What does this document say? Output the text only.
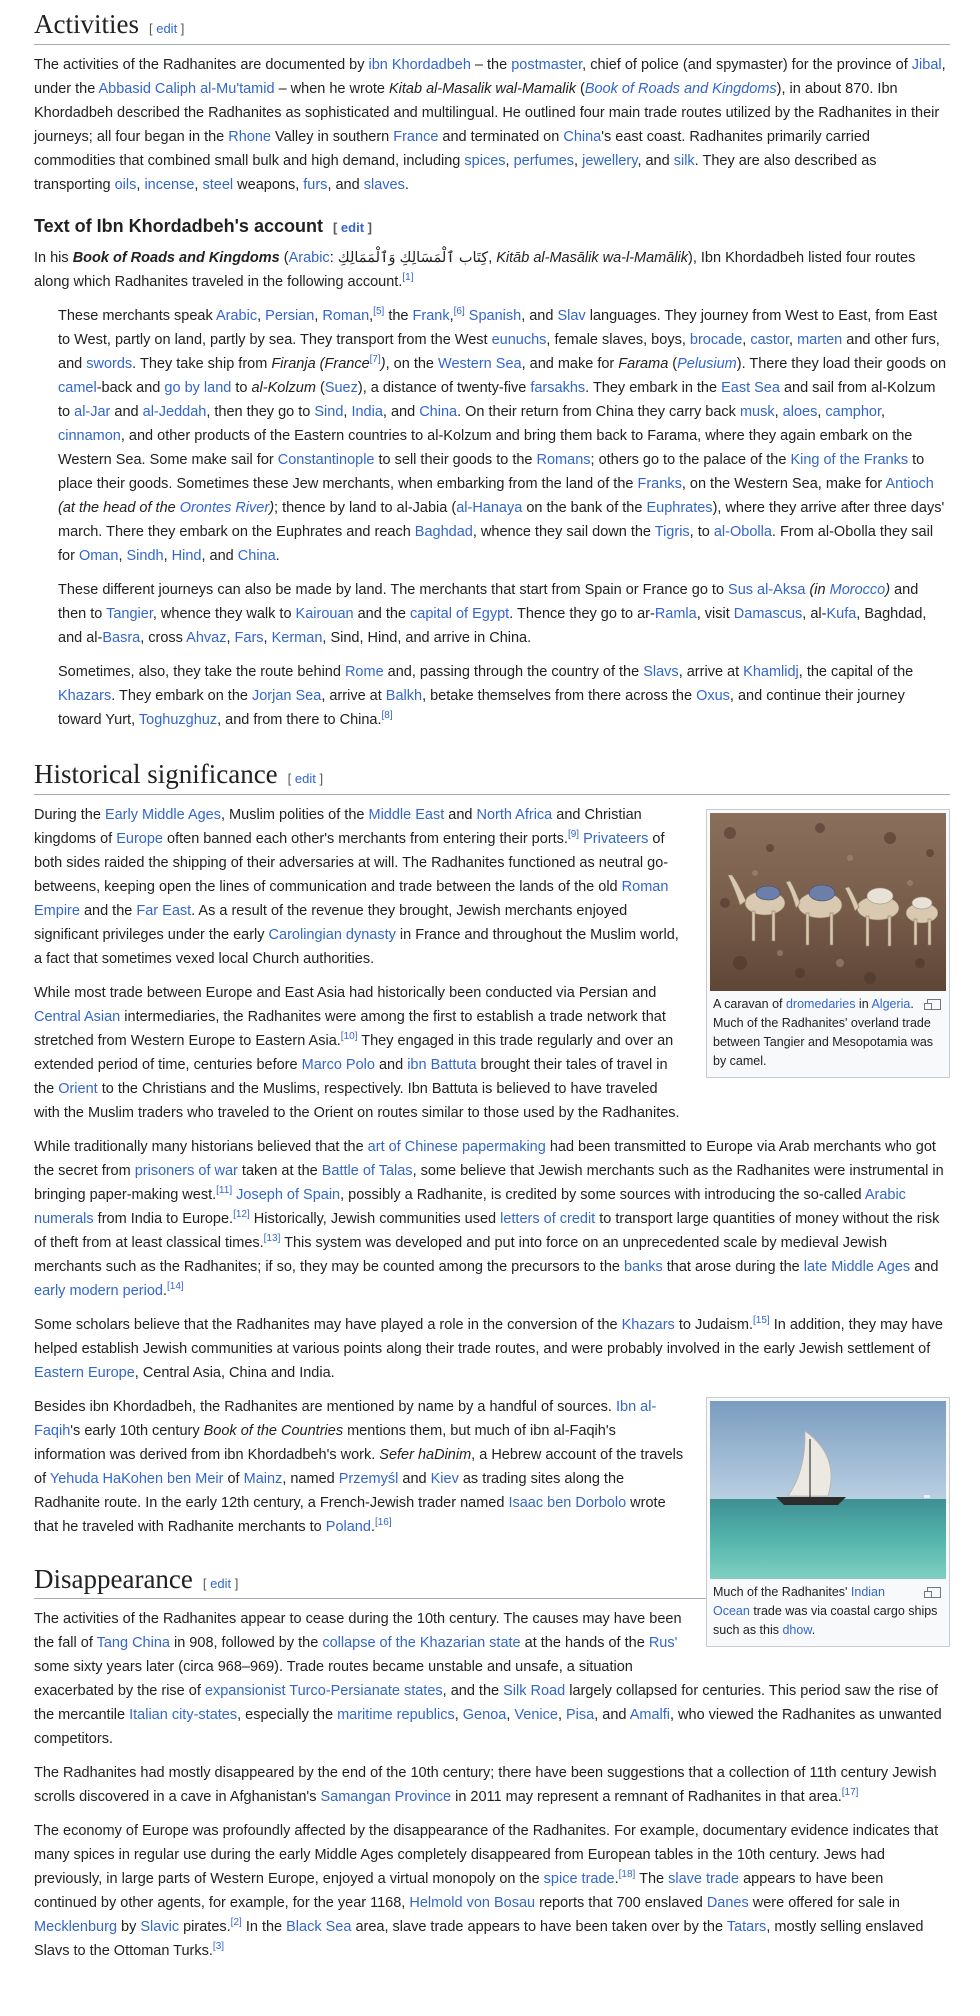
Activities [ edit ]

The activities of the Radhanites are documented by ibn Khordadbeh – the postmaster, chief of police (and spymaster) for the province of Jibal, under the Abbasid Caliph al-Mu'tamid – when he wrote Kitab al-Masalik wal-Mamalik (Book of Roads and Kingdoms), in about 870. Ibn Khordadbeh described the Radhanites as sophisticated and multilingual. He outlined four main trade routes utilized by the Radhanites in their journeys; all four began in the Rhone Valley in southern France and terminated on China's east coast. Radhanites primarily carried commodities that combined small bulk and high demand, including spices, perfumes, jewellery, and silk. They are also described as transporting oils, incense, steel weapons, furs, and slaves.

Text of Ibn Khordadbeh's account [ edit ]

In his Book of Roads and Kingdoms (Arabic: كِتَاب ٱلْمَسَالِكِ وَٱلْمَمَالِكِ, Kitāb al-Masālik wa-l-Mamālik), Ibn Khordadbeh listed four routes along which Radhanites traveled in the following account.[1]

These merchants speak Arabic, Persian, Roman,[5] the Frank,[6] Spanish, and Slav languages. They journey from West to East, from East to West, partly on land, partly by sea. They transport from the West eunuchs, female slaves, boys, brocade, castor, marten and other furs, and swords. They take ship from Firanja (France[7]), on the Western Sea, and make for Farama (Pelusium). There they load their goods on camel-back and go by land to al-Kolzum (Suez), a distance of twenty-five farsakhs. They embark in the East Sea and sail from al-Kolzum to al-Jar and al-Jeddah, then they go to Sind, India, and China. On their return from China they carry back musk, aloes, camphor, cinnamon, and other products of the Eastern countries to al-Kolzum and bring them back to Farama, where they again embark on the Western Sea. Some make sail for Constantinople to sell their goods to the Romans; others go to the palace of the King of the Franks to place their goods. Sometimes these Jew merchants, when embarking from the land of the Franks, on the Western Sea, make for Antioch (at the head of the Orontes River); thence by land to al-Jabia (al-Hanaya on the bank of the Euphrates), where they arrive after three days' march. There they embark on the Euphrates and reach Baghdad, whence they sail down the Tigris, to al-Obolla. From al-Obolla they sail for Oman, Sindh, Hind, and China.

These different journeys can also be made by land. The merchants that start from Spain or France go to Sus al-Aksa (in Morocco) and then to Tangier, whence they walk to Kairouan and the capital of Egypt. Thence they go to ar-Ramla, visit Damascus, al-Kufa, Baghdad, and al-Basra, cross Ahvaz, Fars, Kerman, Sind, Hind, and arrive in China.

Sometimes, also, they take the route behind Rome and, passing through the country of the Slavs, arrive at Khamlidj, the capital of the Khazars. They embark on the Jorjan Sea, arrive at Balkh, betake themselves from there across the Oxus, and continue their journey toward Yurt, Toghuzghuz, and from there to China.[8]

Historical significance [ edit ]
A caravan of dromedaries in Algeria. Much of the Radhanites' overland trade between Tangier and Mesopotamia was by camel.

During the Early Middle Ages, Muslim polities of the Middle East and North Africa and Christian kingdoms of Europe often banned each other's merchants from entering their ports.[9] Privateers of both sides raided the shipping of their adversaries at will. The Radhanites functioned as neutral go-betweens, keeping open the lines of communication and trade between the lands of the old Roman Empire and the Far East. As a result of the revenue they brought, Jewish merchants enjoyed significant privileges under the early Carolingian dynasty in France and throughout the Muslim world, a fact that sometimes vexed local Church authorities.

While most trade between Europe and East Asia had historically been conducted via Persian and Central Asian intermediaries, the Radhanites were among the first to establish a trade network that stretched from Western Europe to Eastern Asia.[10] They engaged in this trade regularly and over an extended period of time, centuries before Marco Polo and ibn Battuta brought their tales of travel in the Orient to the Christians and the Muslims, respectively. Ibn Battuta is believed to have traveled with the Muslim traders who traveled to the Orient on routes similar to those used by the Radhanites.

While traditionally many historians believed that the art of Chinese papermaking had been transmitted to Europe via Arab merchants who got the secret from prisoners of war taken at the Battle of Talas, some believe that Jewish merchants such as the Radhanites were instrumental in bringing paper-making west.[11] Joseph of Spain, possibly a Radhanite, is credited by some sources with introducing the so-called Arabic numerals from India to Europe.[12] Historically, Jewish communities used letters of credit to transport large quantities of money without the risk of theft from at least classical times.[13] This system was developed and put into force on an unprecedented scale by medieval Jewish merchants such as the Radhanites; if so, they may be counted among the precursors to the banks that arose during the late Middle Ages and early modern period.[14]

Some scholars believe that the Radhanites may have played a role in the conversion of the Khazars to Judaism.[15] In addition, they may have helped establish Jewish communities at various points along their trade routes, and were probably involved in the early Jewish settlement of Eastern Europe, Central Asia, China and India.

Much of the Radhanites' Indian Ocean trade was via coastal cargo ships such as this dhow.

Besides ibn Khordadbeh, the Radhanites are mentioned by name by a handful of sources. Ibn al-Faqih's early 10th century Book of the Countries mentions them, but much of ibn al-Faqih's information was derived from ibn Khordadbeh's work. Sefer haDinim, a Hebrew account of the travels of Yehuda HaKohen ben Meir of Mainz, named Przemyśl and Kiev as trading sites along the Radhanite route. In the early 12th century, a French-Jewish trader named Isaac ben Dorbolo wrote that he traveled with Radhanite merchants to Poland.[16]

Disappearance [ edit ]

The activities of the Radhanites appear to cease during the 10th century. The causes may have been the fall of Tang China in 908, followed by the collapse of the Khazarian state at the hands of the Rus' some sixty years later (circa 968–969). Trade routes became unstable and unsafe, a situation exacerbated by the rise of expansionist Turco-Persianate states, and the Silk Road largely collapsed for centuries. This period saw the rise of the mercantile Italian city-states, especially the maritime republics, Genoa, Venice, Pisa, and Amalfi, who viewed the Radhanites as unwanted competitors.

The Radhanites had mostly disappeared by the end of the 10th century; there have been suggestions that a collection of 11th century Jewish scrolls discovered in a cave in Afghanistan's Samangan Province in 2011 may represent a remnant of Radhanites in that area.[17]

The economy of Europe was profoundly affected by the disappearance of the Radhanites. For example, documentary evidence indicates that many spices in regular use during the early Middle Ages completely disappeared from European tables in the 10th century. Jews had previously, in large parts of Western Europe, enjoyed a virtual monopoly on the spice trade.[18] The slave trade appears to have been continued by other agents, for example, for the year 1168, Helmold von Bosau reports that 700 enslaved Danes were offered for sale in Mecklenburg by Slavic pirates.[2] In the Black Sea area, slave trade appears to have been taken over by the Tatars, mostly selling enslaved Slavs to the Ottoman Turks.[3]
